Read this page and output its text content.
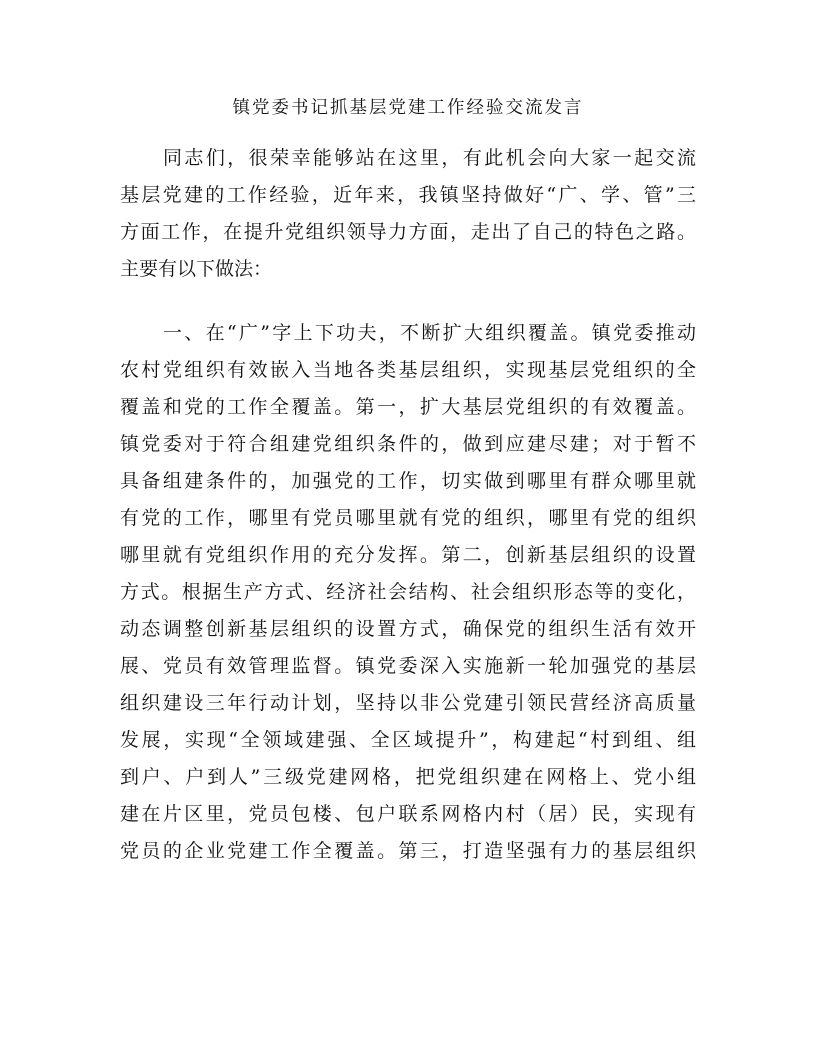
镇党委书记抓基层党建工作经验交流发言
同志们，很荣幸能够站在这里，有此机会向大家一起交流
基层党建的工作经验，近年来，我镇坚持做好“广、学、管”三
方面工作，在提升党组织领导力方面，走出了自己的特色之路。
主要有以下做法：
一、在“广”字上下功夫，不断扩大组织覆盖。镇党委推动
农村党组织有效嵌入当地各类基层组织，实现基层党组织的全
覆盖和党的工作全覆盖。第一，扩大基层党组织的有效覆盖。
镇党委对于符合组建党组织条件的，做到应建尽建；对于暂不
具备组建条件的，加强党的工作，切实做到哪里有群众哪里就
有党的工作，哪里有党员哪里就有党的组织，哪里有党的组织
哪里就有党组织作用的充分发挥。第二，创新基层组织的设置
方式。根据生产方式、经济社会结构、社会组织形态等的变化，
动态调整创新基层组织的设置方式，确保党的组织生活有效开
展、党员有效管理监督。镇党委深入实施新一轮加强党的基层
组织建设三年行动计划，坚持以非公党建引领民营经济高质量
发展，实现“全领域建强、全区域提升”，构建起“村到组、组
到户、户到人”三级党建网格，把党组织建在网格上、党小组
建在片区里，党员包楼、包户联系网格内村（居）民，实现有
党员的企业党建工作全覆盖。第三，打造坚强有力的基层组织
